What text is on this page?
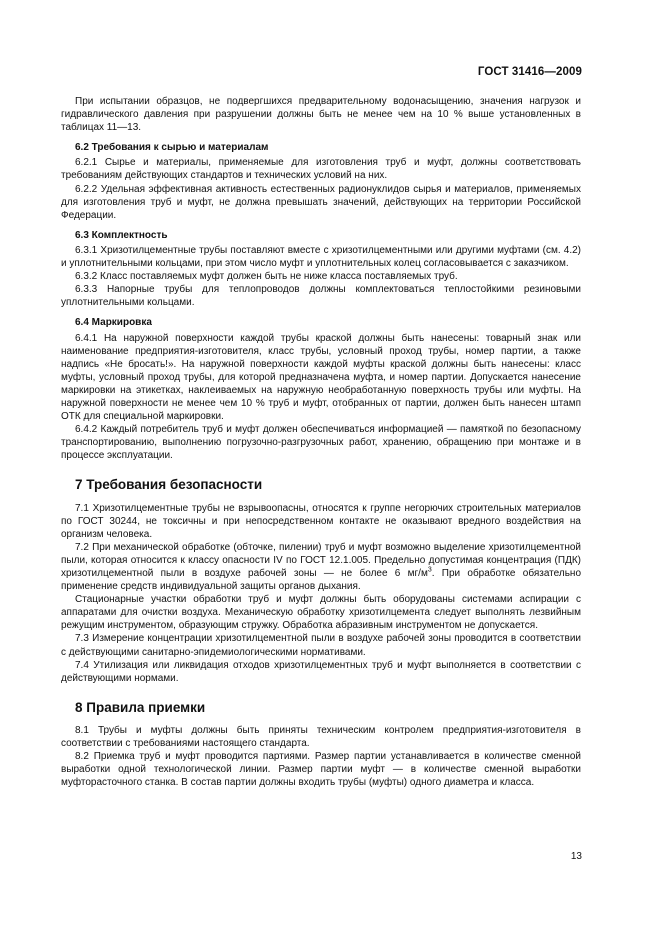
ГОСТ 31416—2009

При испытании образцов, не подвергшихся предварительному водонасыщению, значения нагрузок и гидравлического давления при разрушении должны быть не менее чем на 10 % выше установленных в таблицах 11—13.

6.2 Требования к сырью и материалам

6.2.1 Сырье и материалы, применяемые для изготовления труб и муфт, должны соответствовать требованиям действующих стандартов и технических условий на них.

6.2.2 Удельная эффективная активность естественных радионуклидов сырья и материалов, применяемых для изготовления труб и муфт, не должна превышать значений, действующих на территории Российской Федерации.

6.3 Комплектность

6.3.1 Хризотилцементные трубы поставляют вместе с хризотилцементными или другими муфтами (см. 4.2) и уплотнительными кольцами, при этом число муфт и уплотнительных колец согласовывается с заказчиком.

6.3.2 Класс поставляемых муфт должен быть не ниже класса поставляемых труб.

6.3.3 Напорные трубы для теплопроводов должны комплектоваться теплостойкими резиновыми уплотнительными кольцами.

6.4 Маркировка

6.4.1 На наружной поверхности каждой трубы краской должны быть нанесены: товарный знак или наименование предприятия-изготовителя, класс трубы, условный проход трубы, номер партии, а также надпись «Не бросать!». На наружной поверхности каждой муфты краской должны быть нанесены: класс муфты, условный проход трубы, для которой предназначена муфта, и номер партии. Допускается нанесение маркировки на этикетках, наклеиваемых на наружную необработанную поверхность трубы или муфты. На наружной поверхности не менее чем 10 % труб и муфт, отобранных от партии, должен быть нанесен штамп ОТК для специальной маркировки.

6.4.2 Каждый потребитель труб и муфт должен обеспечиваться информацией — памяткой по безопасному транспортированию, выполнению погрузочно-разгрузочных работ, хранению, обращению при монтаже и в процессе эксплуатации.

7 Требования безопасности

7.1 Хризотилцементные трубы не взрывоопасны, относятся к группе негорючих строительных материалов по ГОСТ 30244, не токсичны и при непосредственном контакте не оказывают вредного воздействия на организм человека.

7.2 При механической обработке (обточке, пилении) труб и муфт возможно выделение хризотилцементной пыли, которая относится к классу опасности IV по ГОСТ 12.1.005. Предельно допустимая концентрация (ПДК) хризотилцементной пыли в воздухе рабочей зоны — не более 6 $мг/м^3$. При обработке обязательно применение средств индивидуальной защиты органов дыхания.

Стационарные участки обработки труб и муфт должны быть оборудованы системами аспирации с аппаратами для очистки воздуха. Механическую обработку хризотилцемента следует выполнять лезвийным режущим инструментом, образующим стружку. Обработка абразивным инструментом не допускается.

7.3 Измерение концентрации хризотилцементной пыли в воздухе рабочей зоны проводится в соответствии с действующими санитарно-эпидемиологическими нормативами.

7.4 Утилизация или ликвидация отходов хризотилцементных труб и муфт выполняется в соответствии с действующими нормами.

8 Правила приемки

8.1 Трубы и муфты должны быть приняты техническим контролем предприятия-изготовителя в соответствии с требованиями настоящего стандарта.

8.2 Приемка труб и муфт проводится партиями. Размер партии устанавливается в количестве сменной выработки одной технологической линии. Размер партии муфт — в количестве сменной выработки муфтораcточного станка. В состав партии должны входить трубы (муфты) одного диаметра и класса.

13
